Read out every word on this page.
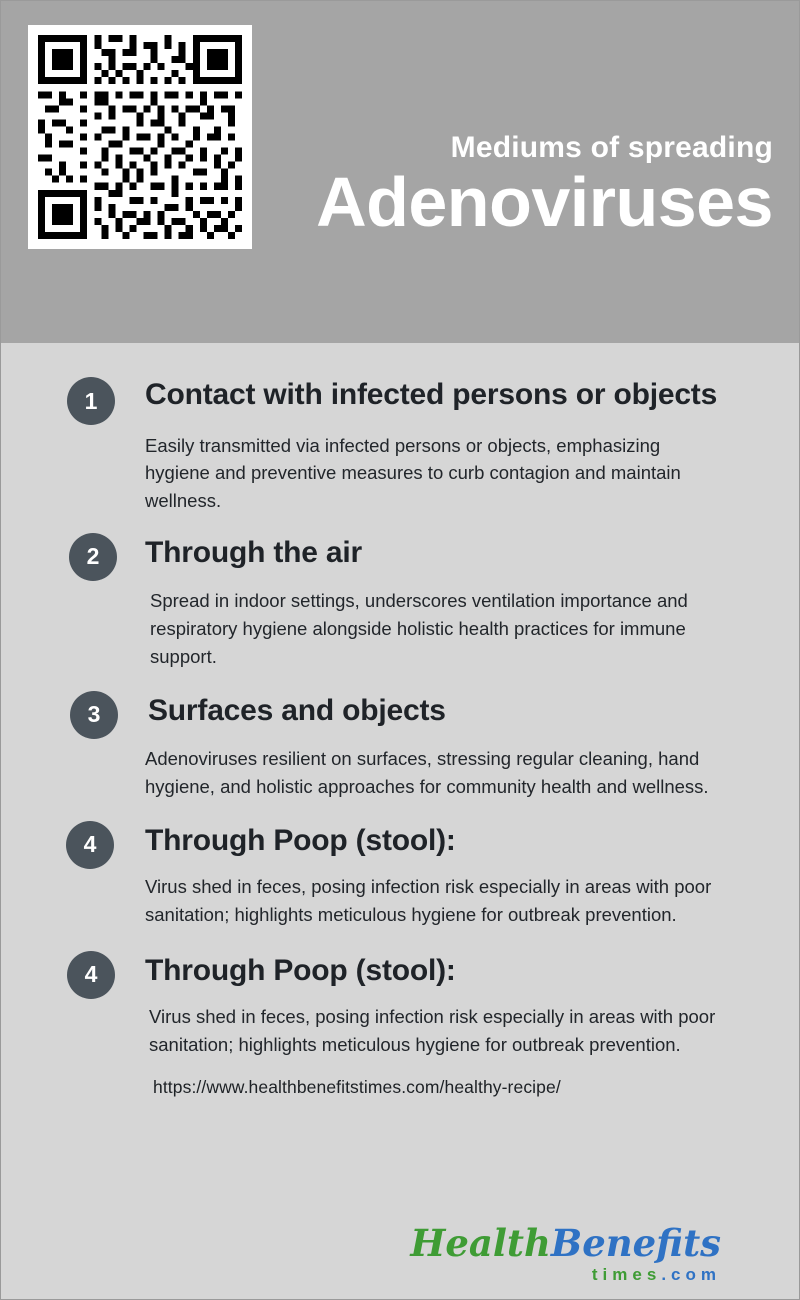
Mediums of spreading

Adenoviruses
1	Contact with infected persons or objects

Easily transmitted via infected persons or objects, emphasizing hygiene and preventive measures to curb contagion and maintain wellness.

2	Through the air

Spread in indoor settings, underscores ventilation importance and respiratory hygiene alongside holistic health practices for immune support.

3	Surfaces and objects

Adenoviruses resilient on surfaces, stressing regular cleaning, hand hygiene, and holistic approaches for community health and wellness.

4	Through Poop (stool):

Virus shed in feces, posing infection risk especially in areas with poor sanitation; highlights meticulous hygiene for outbreak prevention.

4	Through Poop (stool):

Virus shed in feces, posing infection risk especially in areas with poor sanitation; highlights meticulous hygiene for outbreak prevention.

https://www.healthbenefitstimes.com/healthy-recipe/

HealthBenefits
times.com
